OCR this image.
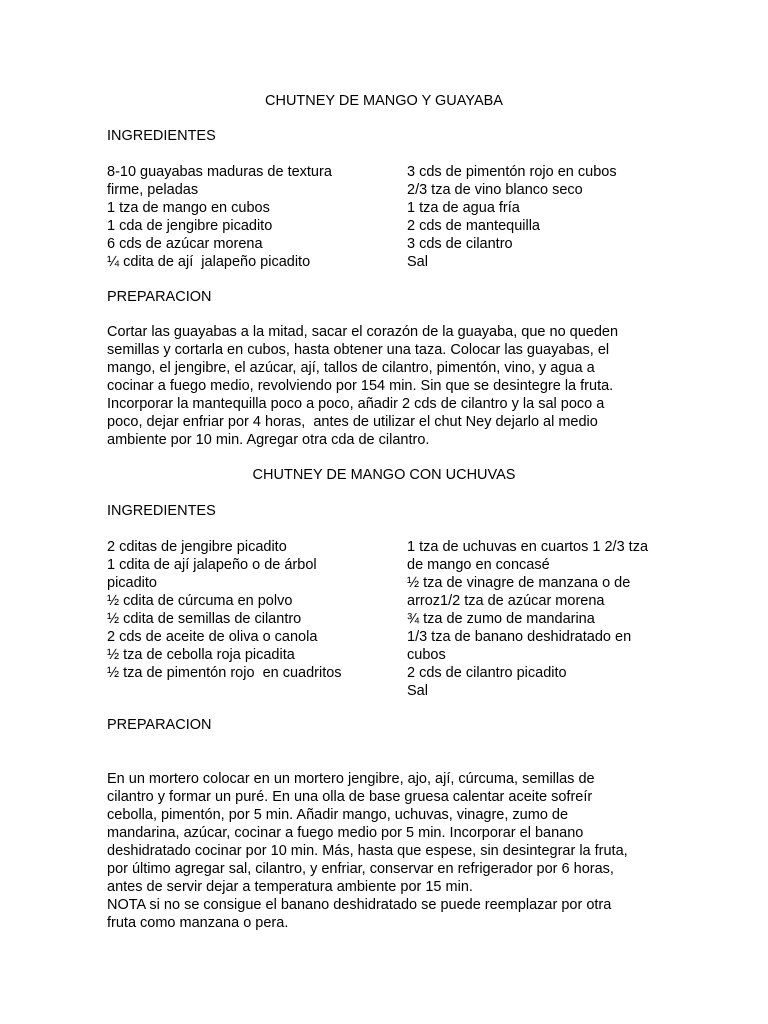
CHUTNEY DE MANGO Y GUAYABA
INGREDIENTES
8-10 guayabas maduras de textura
firme, peladas
1 tza de mango en cubos
1 cda de jengibre picadito
6 cds de azúcar morena
¼ cdita de ají  jalapeño picadito
3 cds de pimentón rojo en cubos
2/3 tza de vino blanco seco
1 tza de agua fría
2 cds de mantequilla
3 cds de cilantro
Sal
PREPARACION
Cortar las guayabas a la mitad, sacar el corazón de la guayaba, que no queden
semillas y cortarla en cubos, hasta obtener una taza. Colocar las guayabas, el
mango, el jengibre, el azúcar, ají, tallos de cilantro, pimentón, vino, y agua a
cocinar a fuego medio, revolviendo por 154 min. Sin que se desintegre la fruta.
Incorporar la mantequilla poco a poco, añadir 2 cds de cilantro y la sal poco a
poco, dejar enfriar por 4 horas,  antes de utilizar el chut Ney dejarlo al medio
ambiente por 10 min. Agregar otra cda de cilantro.
CHUTNEY DE MANGO CON UCHUVAS
INGREDIENTES
2 cditas de jengibre picadito
1 cdita de ají jalapeño o de árbol
picadito
½ cdita de cúrcuma en polvo
½ cdita de semillas de cilantro
2 cds de aceite de oliva o canola
½ tza de cebolla roja picadita
½ tza de pimentón rojo  en cuadritos
1 tza de uchuvas en cuartos 1 2/3 tza
de mango en concasé
½ tza de vinagre de manzana o de
arroz1/2 tza de azúcar morena
¾ tza de zumo de mandarina
1/3 tza de banano deshidratado en
cubos
2 cds de cilantro picadito
Sal
PREPARACION
En un mortero colocar en un mortero jengibre, ajo, ají, cúrcuma, semillas de
cilantro y formar un puré. En una olla de base gruesa calentar aceite sofreír
cebolla, pimentón, por 5 min. Añadir mango, uchuvas, vinagre, zumo de
mandarina, azúcar, cocinar a fuego medio por 5 min. Incorporar el banano
deshidratado cocinar por 10 min. Más, hasta que espese, sin desintegrar la fruta,
por último agregar sal, cilantro, y enfriar, conservar en refrigerador por 6 horas,
antes de servir dejar a temperatura ambiente por 15 min.
NOTA si no se consigue el banano deshidratado se puede reemplazar por otra
fruta como manzana o pera.
